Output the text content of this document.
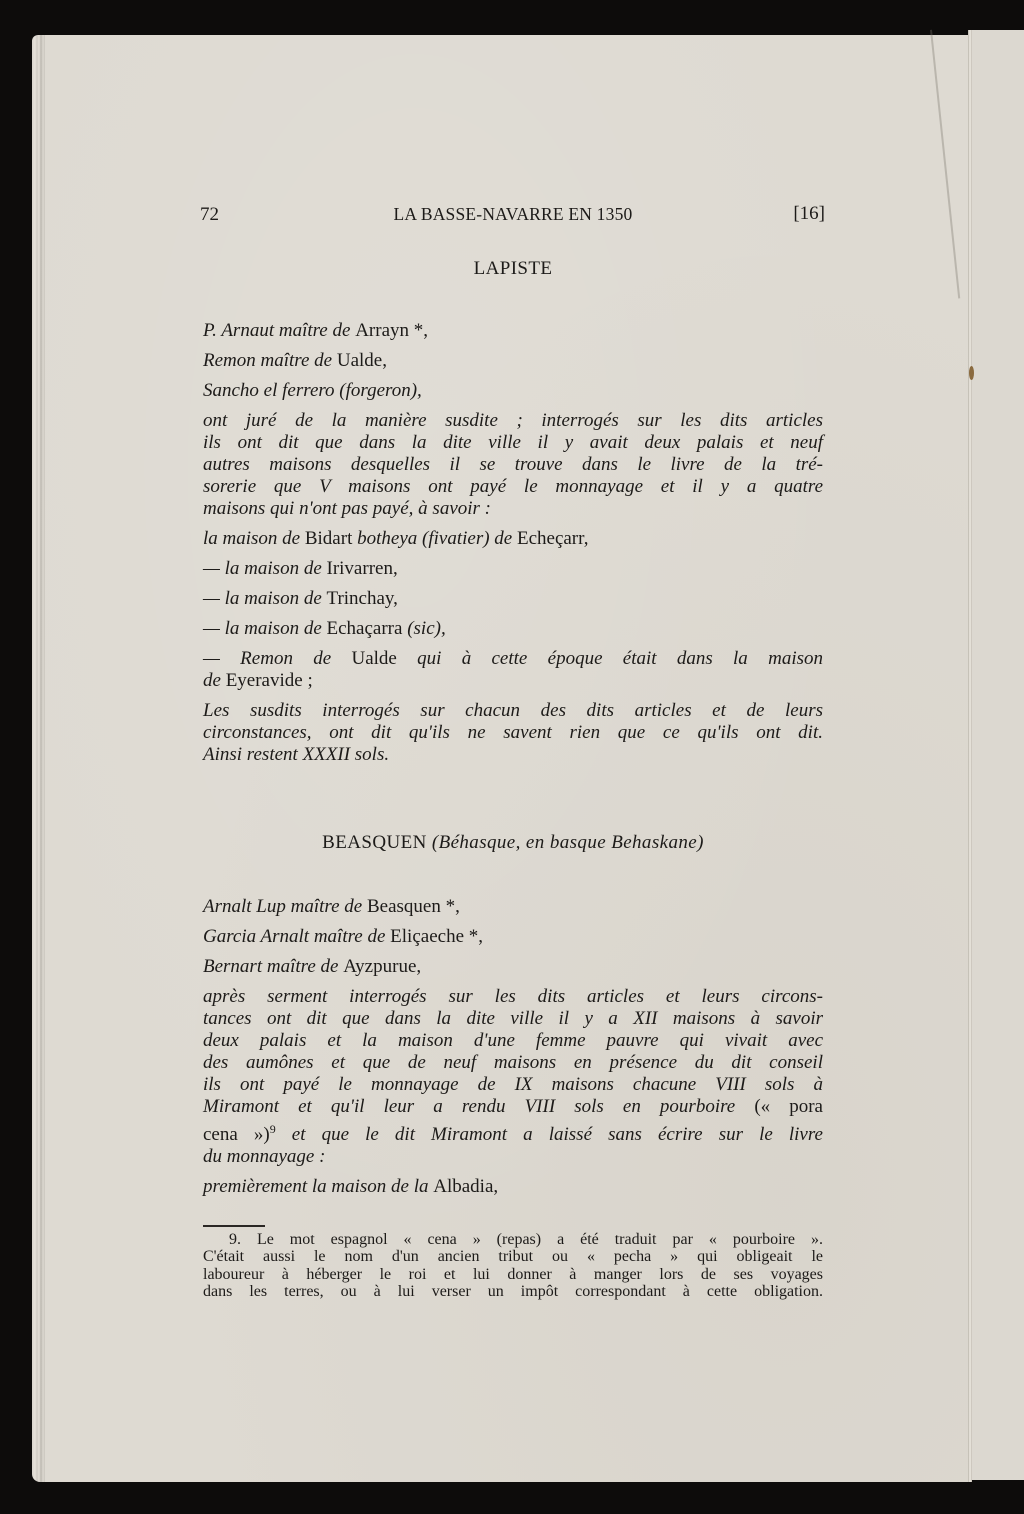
72	LA BASSE-NAVARRE EN 1350	[16]
LAPISTE
P. Arnaut maître de Arrayn *,
Remon maître de Ualde,
Sancho el ferrero (forgeron),
ont juré de la manière susdite ; interrogés sur les dits articles
ils ont dit que dans la dite ville il y avait deux palais et neuf
autres maisons desquelles il se trouve dans le livre de la tré-
sorerie que V maisons ont payé le monnayage et il y a quatre
maisons qui n'ont pas payé, à savoir :
la maison de Bidart botheya (fivatier) de Echeçarr,
— la maison de Irivarren,
— la maison de Trinchay,
— la maison de Echaçarra (sic),
— Remon de Ualde qui à cette époque était dans la maison
de Eyeravide ;
Les susdits interrogés sur chacun des dits articles et de leurs
circonstances, ont dit qu'ils ne savent rien que ce qu'ils ont dit.
Ainsi restent XXXII sols.
BEASQUEN (Béhasque, en basque Behaskane)
Arnalt Lup maître de Beasquen *,
Garcia Arnalt maître de Eliçaeche *,
Bernart maître de Ayzpurue,
après serment interrogés sur les dits articles et leurs circons-
tances ont dit que dans la dite ville il y a XII maisons à savoir
deux palais et la maison d'une femme pauvre qui vivait avec
des aumônes et que de neuf maisons en présence du dit conseil
ils ont payé le monnayage de IX maisons chacune VIII sols à
Miramont et qu'il leur a rendu VIII sols en pourboire (« pora
cena »)$^9$ et que le dit Miramont a laissé sans écrire sur le livre
du monnayage :
premièrement la maison de la Albadia,
9. Le mot espagnol « cena » (repas) a été traduit par « pourboire ».
C'était aussi le nom d'un ancien tribut ou « pecha » qui obligeait le
laboureur à héberger le roi et lui donner à manger lors de ses voyages
dans les terres, ou à lui verser un impôt correspondant à cette obligation.
